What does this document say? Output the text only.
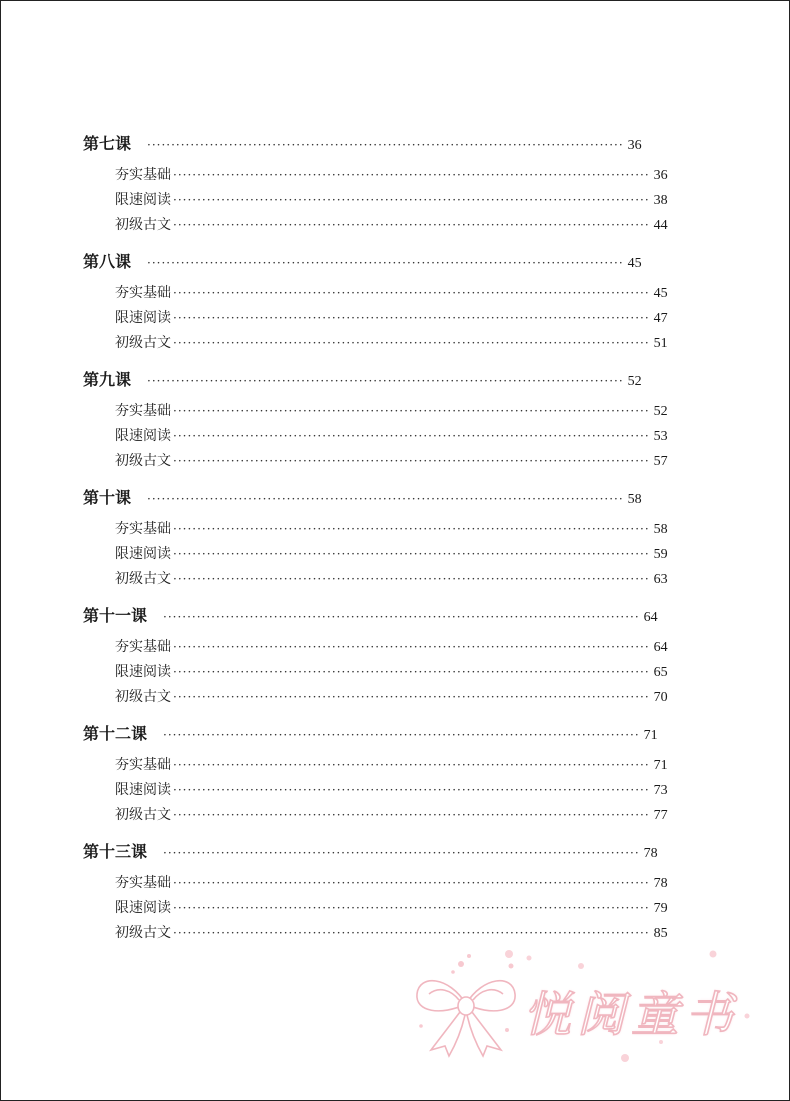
第七课 ··································································································· 36
夯实基础 ··································································································· 36
限速阅读 ··································································································· 38
初级古文 ··································································································· 44
第八课 ··································································································· 45
夯实基础 ··································································································· 45
限速阅读 ··································································································· 47
初级古文 ··································································································· 51
第九课 ··································································································· 52
夯实基础 ··································································································· 52
限速阅读 ··································································································· 53
初级古文 ··································································································· 57
第十课 ··································································································· 58
夯实基础 ··································································································· 58
限速阅读 ··································································································· 59
初级古文 ··································································································· 63
第十一课 ··································································································· 64
夯实基础 ··································································································· 64
限速阅读 ··································································································· 65
初级古文 ··································································································· 70
第十二课 ··································································································· 71
夯实基础 ··································································································· 71
限速阅读 ··································································································· 73
初级古文 ··································································································· 77
第十三课 ··································································································· 78
夯实基础 ··································································································· 78
限速阅读 ··································································································· 79
初级古文 ··································································································· 85
悦阅童书
